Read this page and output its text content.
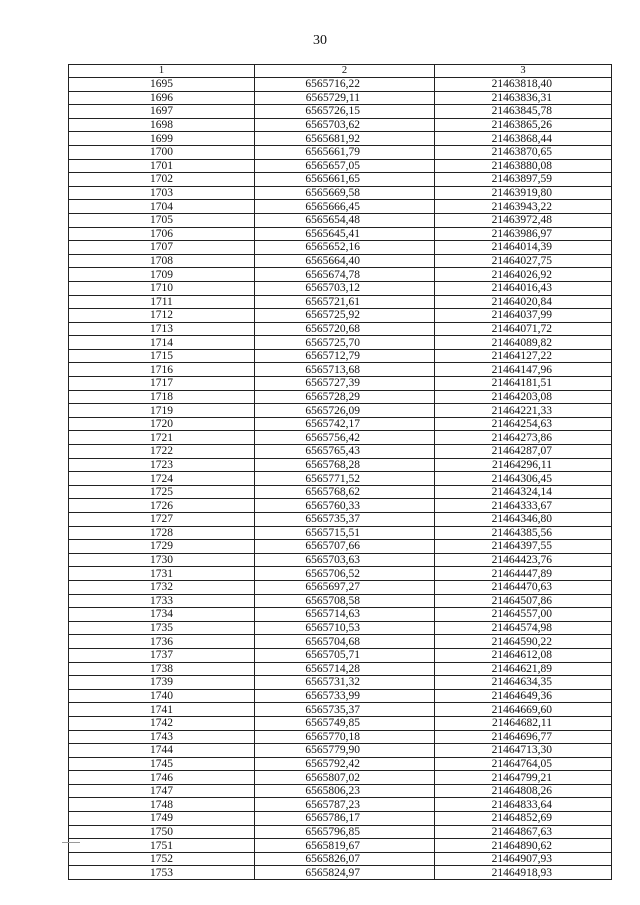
30
1	2	3
1695	6565716,22	21463818,40
1696	6565729,11	21463836,31
1697	6565726,15	21463845,78
1698	6565703,62	21463865,26
1699	6565681,92	21463868,44
1700	6565661,79	21463870,65
1701	6565657,05	21463880,08
1702	6565661,65	21463897,59
1703	6565669,58	21463919,80
1704	6565666,45	21463943,22
1705	6565654,48	21463972,48
1706	6565645,41	21463986,97
1707	6565652,16	21464014,39
1708	6565664,40	21464027,75
1709	6565674,78	21464026,92
1710	6565703,12	21464016,43
1711	6565721,61	21464020,84
1712	6565725,92	21464037,99
1713	6565720,68	21464071,72
1714	6565725,70	21464089,82
1715	6565712,79	21464127,22
1716	6565713,68	21464147,96
1717	6565727,39	21464181,51
1718	6565728,29	21464203,08
1719	6565726,09	21464221,33
1720	6565742,17	21464254,63
1721	6565756,42	21464273,86
1722	6565765,43	21464287,07
1723	6565768,28	21464296,11
1724	6565771,52	21464306,45
1725	6565768,62	21464324,14
1726	6565760,33	21464333,67
1727	6565735,37	21464346,80
1728	6565715,51	21464385,56
1729	6565707,66	21464397,55
1730	6565703,63	21464423,76
1731	6565706,52	21464447,89
1732	6565697,27	21464470,63
1733	6565708,58	21464507,86
1734	6565714,63	21464557,00
1735	6565710,53	21464574,98
1736	6565704,68	21464590,22
1737	6565705,71	21464612,08
1738	6565714,28	21464621,89
1739	6565731,32	21464634,35
1740	6565733,99	21464649,36
1741	6565735,37	21464669,60
1742	6565749,85	21464682,11
1743	6565770,18	21464696,77
1744	6565779,90	21464713,30
1745	6565792,42	21464764,05
1746	6565807,02	21464799,21
1747	6565806,23	21464808,26
1748	6565787,23	21464833,64
1749	6565786,17	21464852,69
1750	6565796,85	21464867,63
1751	6565819,67	21464890,62
1752	6565826,07	21464907,93
1753	6565824,97	21464918,93
